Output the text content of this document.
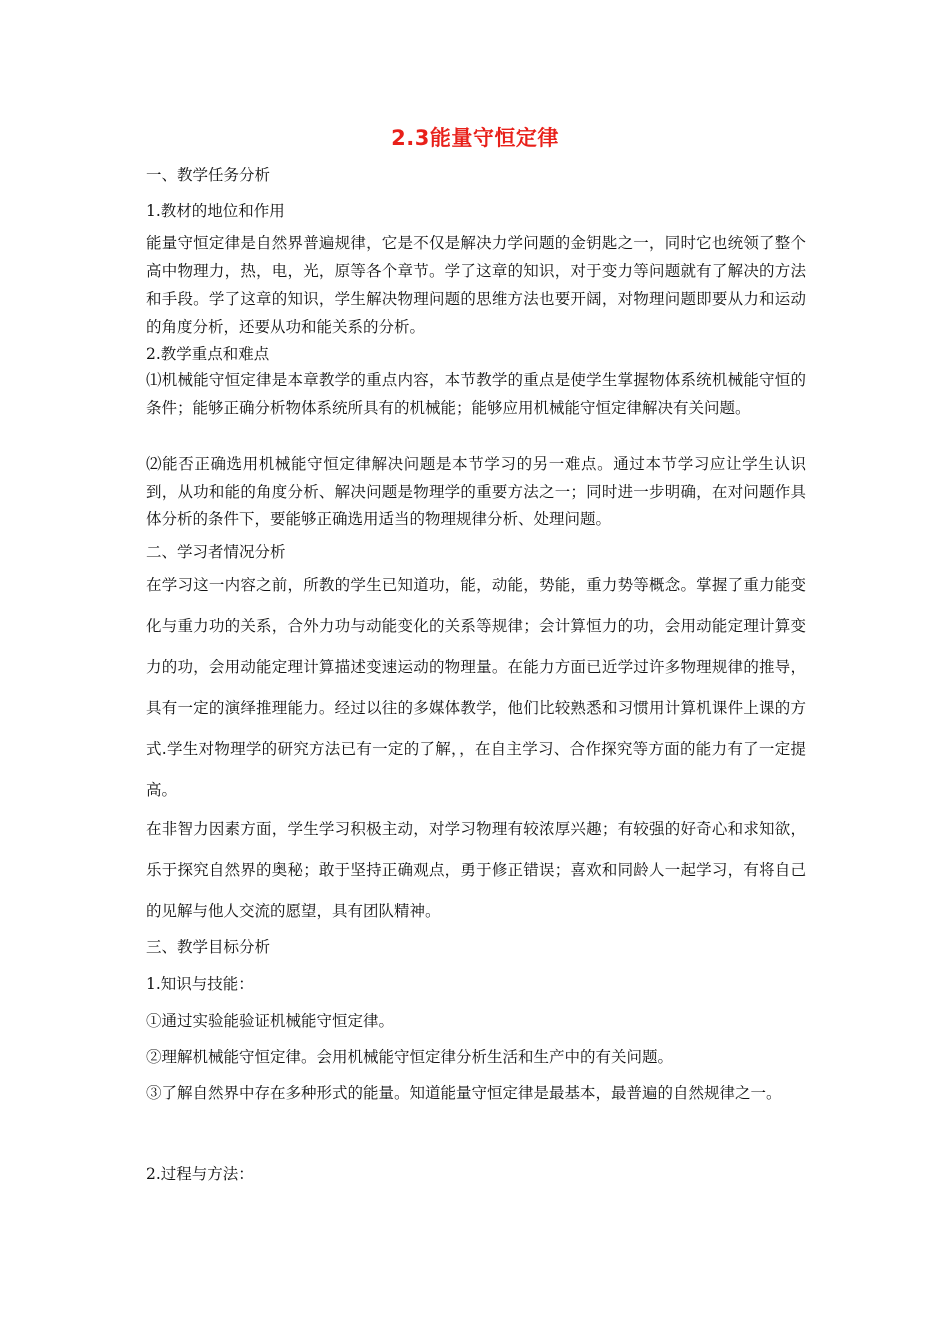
2.3能量守恒定律
一、教学任务分析
1.教材的地位和作用
能量守恒定律是自然界普遍规律，它是不仅是解决力学问题的金钥匙之一，同时它也统领了整个高中物理力，热，电，光，原等各个章节。学了这章的知识，对于变力等问题就有了解决的方法和手段。学了这章的知识，学生解决物理问题的思维方法也要开阔，对物理问题即要从力和运动的角度分析，还要从功和能关系的分析。
2.教学重点和难点
⑴机械能守恒定律是本章教学的重点内容，本节教学的重点是使学生掌握物体系统机械能守恒的条件；能够正确分析物体系统所具有的机械能；能够应用机械能守恒定律解决有关问题。
⑵能否正确选用机械能守恒定律解决问题是本节学习的另一难点。通过本节学习应让学生认识到，从功和能的角度分析、解决问题是物理学的重要方法之一；同时进一步明确，在对问题作具体分析的条件下，要能够正确选用适当的物理规律分析、处理问题。
二、学习者情况分析
在学习这一内容之前，所教的学生已知道功，能，动能，势能，重力势等概念。掌握了重力能变化与重力功的关系，合外力功与动能变化的关系等规律；会计算恒力的功，会用动能定理计算变力的功，会用动能定理计算描述变速运动的物理量。在能力方面已近学过许多物理规律的推导，具有一定的演绎推理能力。经过以往的多媒体教学，他们比较熟悉和习惯用计算机课件上课的方式.学生对物理学的研究方法已有一定的了解，，在自主学习、合作探究等方面的能力有了一定提高。
在非智力因素方面，学生学习积极主动，对学习物理有较浓厚兴趣；有较强的好奇心和求知欲，乐于探究自然界的奥秘；敢于坚持正确观点，勇于修正错误；喜欢和同龄人一起学习，有将自己的见解与他人交流的愿望，具有团队精神。
三、教学目标分析
1.知识与技能：
①通过实验能验证机械能守恒定律。
②理解机械能守恒定律。会用机械能守恒定律分析生活和生产中的有关问题。
③了解自然界中存在多种形式的能量。知道能量守恒定律是最基本，最普遍的自然规律之一。
2.过程与方法：
